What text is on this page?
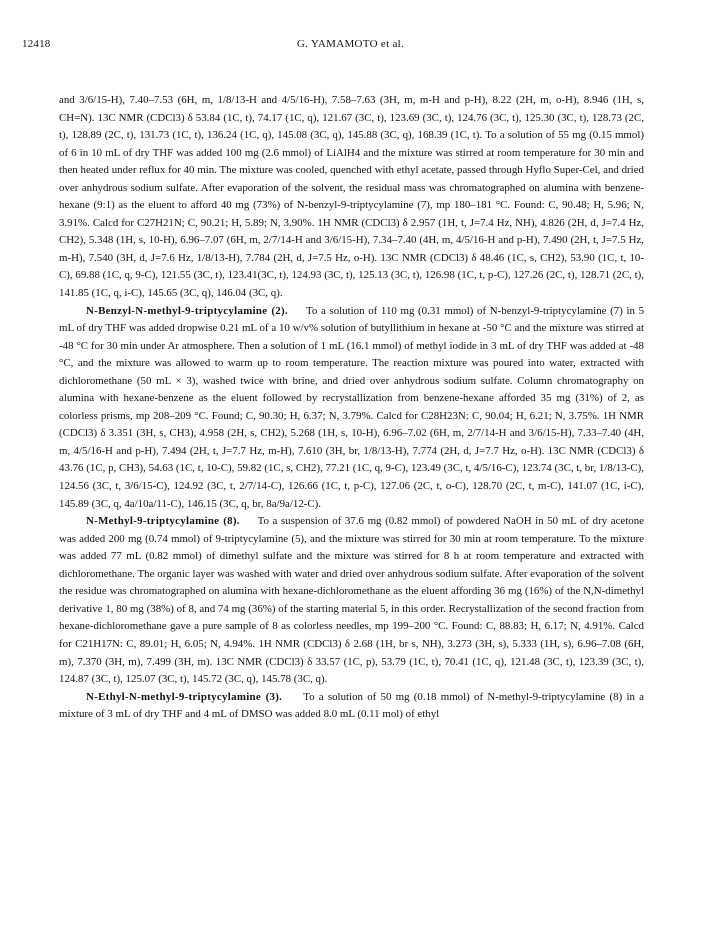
12418	G. YAMAMOTO et al.

and 3/6/15-H), 7.40–7.53 (6H, m, 1/8/13-H and 4/5/16-H), 7.58–7.63 (3H, m, m-H and p-H), 8.22 (2H, m, o-H), 8.946 (1H, s, CH=N). 13C NMR (CDCl3) δ 53.84 (1C, t), 74.17 (1C, q), 121.67 (3C, t), 123.69 (3C, t), 124.76 (3C, t), 125.30 (3C, t), 128.73 (2C, t), 128.89 (2C, t), 131.73 (1C, t), 136.24 (1C, q), 145.08 (3C, q), 145.88 (3C, q), 168.39 (1C, t). To a solution of 55 mg (0.15 mmol) of 6 in 10 mL of dry THF was added 100 mg (2.6 mmol) of LiAlH4 and the mixture was stirred at room temperature for 30 min and then heated under reflux for 40 min. The mixture was cooled, quenched with ethyl acetate, passed through Hyflo Super-Cel, and dried over anhydrous sodium sulfate. After evaporation of the solvent, the residual mass was chromatographed on alumina with benzene-hexane (9:1) as the eluent to afford 40 mg (73%) of N-benzyl-9-triptycylamine (7), mp 180–181 °C. Found: C, 90.48; H, 5.96; N, 3.91%. Calcd for C27H21N; C, 90.21; H, 5.89; N, 3.90%. 1H NMR (CDCl3) δ 2.957 (1H, t, J=7.4 Hz, NH), 4.826 (2H, d, J=7.4 Hz, CH2), 5.348 (1H, s, 10-H), 6.96–7.07 (6H, m, 2/7/14-H and 3/6/15-H), 7.34–7.40 (4H, m, 4/5/16-H and p-H), 7.490 (2H, t, J=7.5 Hz, m-H), 7.540 (3H, d, J=7.6 Hz, 1/8/13-H), 7.784 (2H, d, J=7.5 Hz, o-H). 13C NMR (CDCl3) δ 48.46 (1C, s, CH2), 53.90 (1C, t, 10-C), 69.88 (1C, q, 9-C), 121.55 (3C, t), 123.41(3C, t), 124.93 (3C, t), 125.13 (3C, t), 126.98 (1C, t, p-C), 127.26 (2C, t), 128.71 (2C, t), 141.85 (1C, q, i-C), 145.65 (3C, q), 146.04 (3C, q).

N-Benzyl-N-methyl-9-triptycylamine (2). To a solution of 110 mg (0.31 mmol) of N-benzyl-9-triptycylamine (7) in 5 mL of dry THF was added dropwise 0.21 mL of a 10 w/v% solution of butyllithium in hexane at -50 °C and the mixture was stirred at -48 °C for 30 min under Ar atmosphere. Then a solution of 1 mL (16.1 mmol) of methyl iodide in 3 mL of dry THF was added at -48 °C, and the mixture was allowed to warm up to room temperature. The reaction mixture was poured into water, extracted with dichloromethane (50 mL × 3), washed twice with brine, and dried over anhydrous sodium sulfate. Column chromatography on alumina with hexane-benzene as the eluent followed by recrystallization from benzene-hexane afforded 35 mg (31%) of 2, as colorless prisms, mp 208–209 °C. Found; C, 90.30; H, 6.37; N, 3.79%. Calcd for C28H23N: C, 90.04; H, 6.21; N, 3.75%. 1H NMR (CDCl3) δ 3.351 (3H, s, CH3), 4.958 (2H, s, CH2), 5.268 (1H, s, 10-H), 6.96–7.02 (6H, m, 2/7/14-H and 3/6/15-H), 7.33–7.40 (4H, m, 4/5/16-H and p-H), 7.494 (2H, t, J=7.7 Hz, m-H), 7.610 (3H, br, 1/8/13-H), 7.774 (2H, d, J=7.7 Hz, o-H). 13C NMR (CDCl3) δ 43.76 (1C, p, CH3), 54.63 (1C, t, 10-C), 59.82 (1C, s, CH2), 77.21 (1C, q, 9-C), 123.49 (3C, t, 4/5/16-C), 123.74 (3C, t, br, 1/8/13-C), 124.56 (3C, t, 3/6/15-C), 124.92 (3C, t, 2/7/14-C), 126.66 (1C, t, p-C), 127.06 (2C, t, o-C), 128.70 (2C, t, m-C), 141.07 (1C, i-C), 145.89 (3C, q, 4a/10a/11-C), 146.15 (3C, q, br, 8a/9a/12-C).

N-Methyl-9-triptycylamine (8). To a suspension of 37.6 mg (0.82 mmol) of powdered NaOH in 50 mL of dry acetone was added 200 mg (0.74 mmol) of 9-triptycylamine (5), and the mixture was stirred for 30 min at room temperature. To the mixture was added 77 mL (0.82 mmol) of dimethyl sulfate and the mixture was stirred for 8 h at room temperature and extracted with dichloromethane. The organic layer was washed with water and dried over anhydrous sodium sulfate. After evaporation of the solvent the residue was chromatographed on alumina with hexane-dichloromethane as the eluent affording 36 mg (16%) of the N,N-dimethyl derivative 1, 80 mg (38%) of 8, and 74 mg (36%) of the starting material 5, in this order. Recrystallization of the second fraction from hexane-dichloromethane gave a pure sample of 8 as colorless needles, mp 199–200 °C. Found: C, 88.83; H, 6.17; N, 4.91%. Calcd for C21H17N: C, 89.01; H, 6.05; N, 4.94%. 1H NMR (CDCl3) δ 2.68 (1H, br s, NH), 3.273 (3H, s), 5.333 (1H, s), 6.96–7.08 (6H, m), 7.370 (3H, m), 7.499 (3H, m). 13C NMR (CDCl3) δ 33.57 (1C, p), 53.79 (1C, t), 70.41 (1C, q), 121.48 (3C, t), 123.39 (3C, t), 124.87 (3C, t), 125.07 (3C, t), 145.72 (3C, q), 145.78 (3C, q).

N-Ethyl-N-methyl-9-triptycylamine (3). To a solution of 50 mg (0.18 mmol) of N-methyl-9-triptycylamine (8) in a mixture of 3 mL of dry THF and 4 mL of DMSO was added 8.0 mL (0.11 mol) of ethyl
